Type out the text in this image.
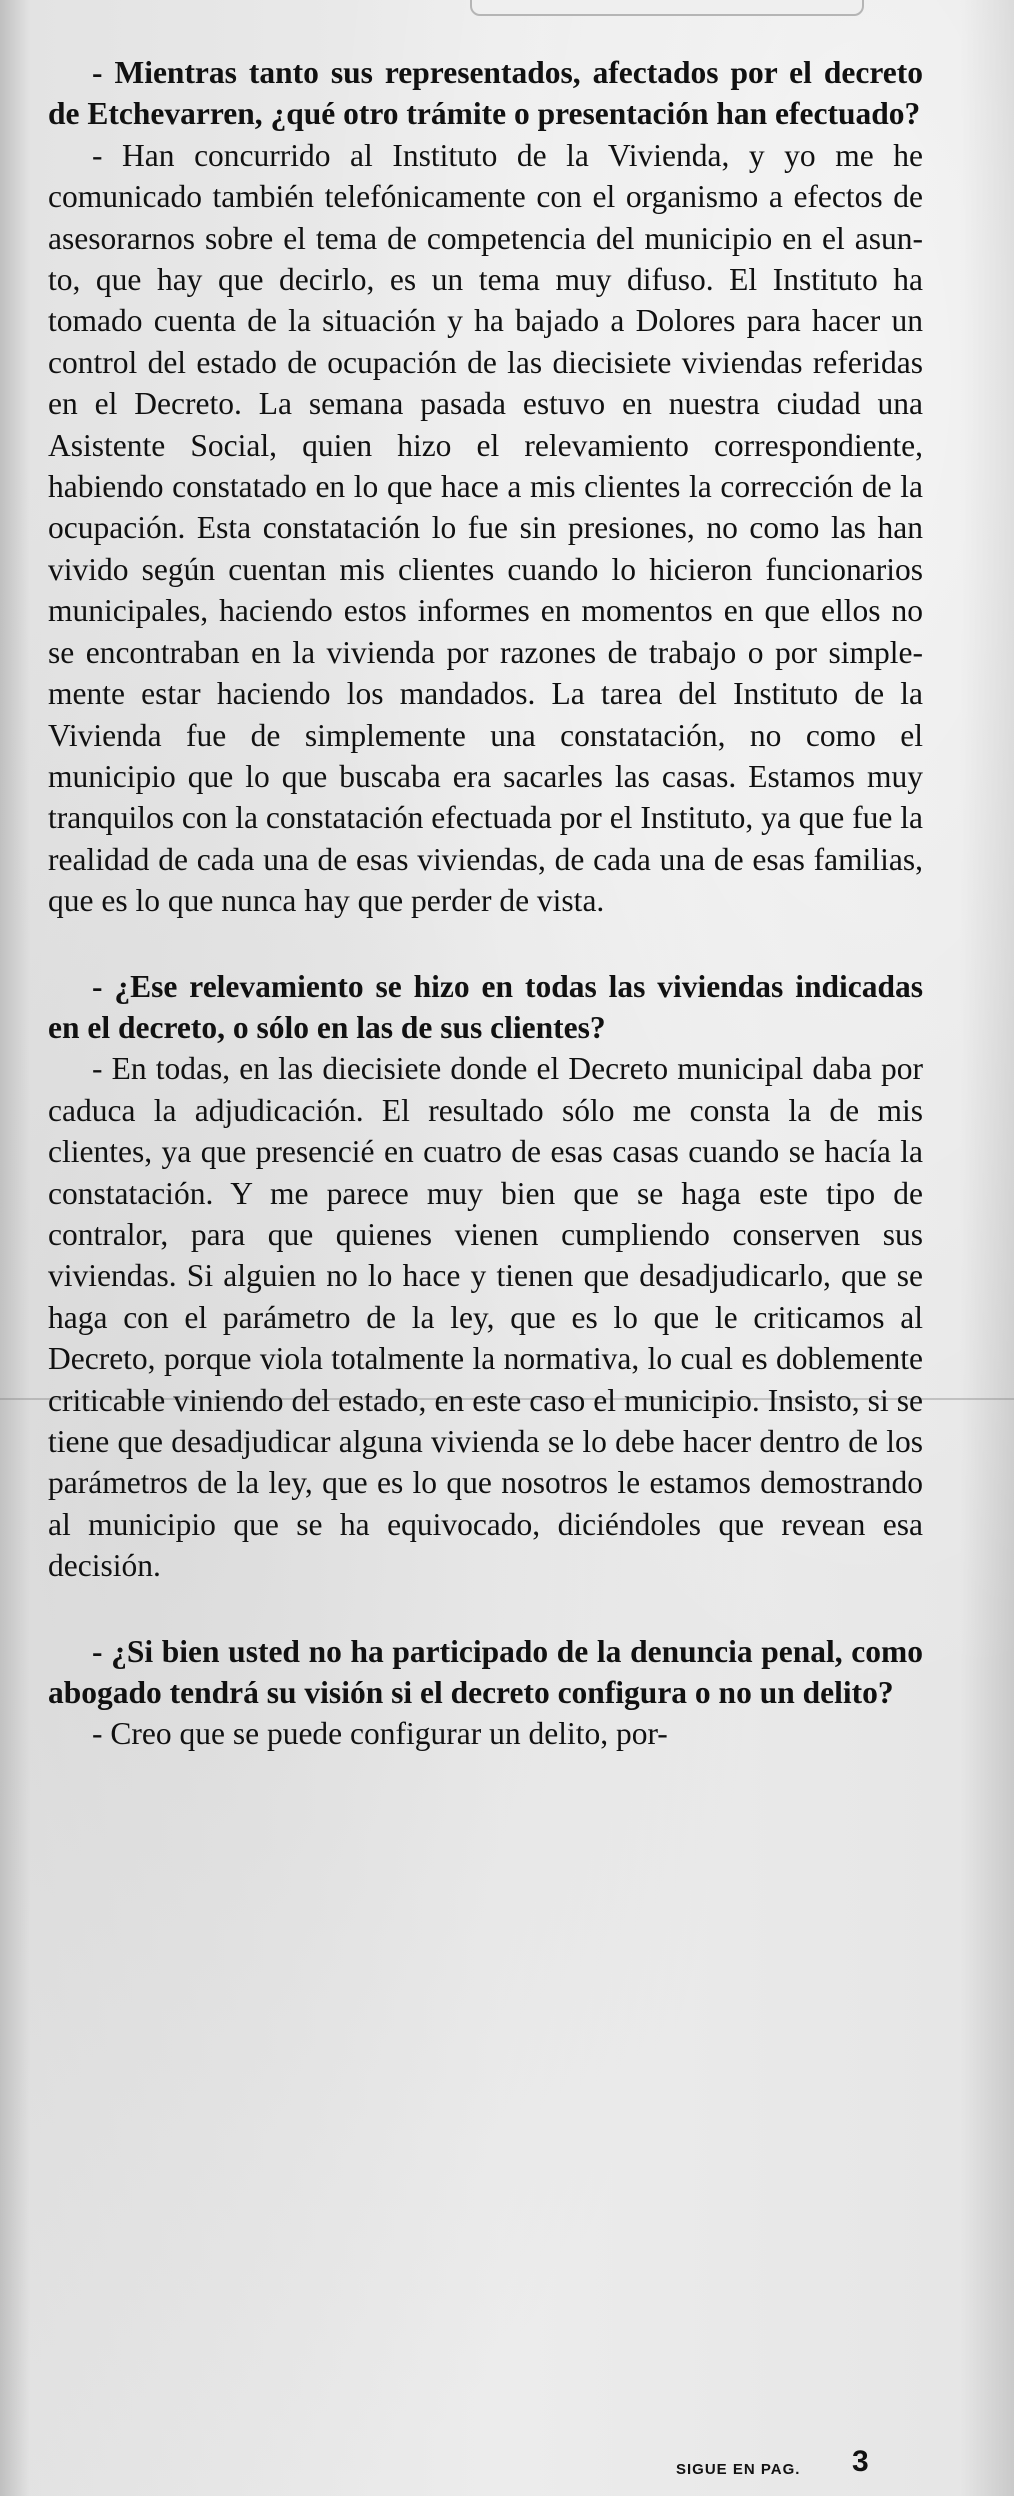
- Mientras tanto sus representados, afectados por el decreto de Etchevarren, ¿qué otro trámite o presentación han efectuado?

- Han concurrido al Instituto de la Vivienda, y yo me he comunicado también telefónicamente con el organismo a efectos de asesorarnos sobre el tema de competencia del municipio en el asunto, que hay que decirlo, es un tema muy difuso. El Instituto ha tomado cuenta de la situación y ha bajado a Dolores para hacer un control del estado de ocupación de las diecisiete viviendas referidas en el Decreto. La semana pasada estuvo en nuestra ciudad una Asistente Social, quien hizo el relevamiento correspondiente, habiendo constatado en lo que hace a mis clientes la corrección de la ocupación. Esta constatación lo fue sin presiones, no como las han vivido según cuentan mis clientes cuando lo hicieron funcionarios municipales, haciendo estos informes en momentos en que ellos no se encontraban en la vivienda por razones de trabajo o por simplemente estar haciendo los mandados. La tarea del Instituto de la Vivienda fue de simplemente una constatación, no como el municipio que lo que buscaba era sacarles las casas. Estamos muy tranquilos con la constatación efectuada por el Instituto, ya que fue la realidad de cada una de esas viviendas, de cada una de esas familias, que es lo que nunca hay que perder de vista.

- ¿Ese relevamiento se hizo en todas las viviendas indicadas en el decreto, o sólo en las de sus clientes?

- En todas, en las diecisiete donde el Decreto municipal daba por caduca la adjudicación. El resultado sólo me consta la de mis clientes, ya que presencié en cuatro de esas casas cuando se hacía la constatación. Y me parece muy bien que se haga este tipo de contralor, para que quienes vienen cumpliendo conserven sus viviendas. Si alguien no lo hace y tienen que desadjudicarlo, que se haga con el parámetro de la ley, que es lo que le criticamos al Decreto, porque viola totalmente la normativa, lo cual es doblemente criticable viniendo del estado, en este caso el municipio. Insisto, si se tiene que desadjudicar alguna vivienda se lo debe hacer dentro de los parámetros de la ley, que es lo que nosotros le estamos demostrando al municipio que se ha equivocado, diciéndoles que revean esa decisión.

- ¿Si bien usted no ha participado de la denuncia penal, como abogado tendrá su visión si el decreto configura o no un delito?

- Creo que se puede configurar un delito, por-

SIGUE EN PAG. 3
